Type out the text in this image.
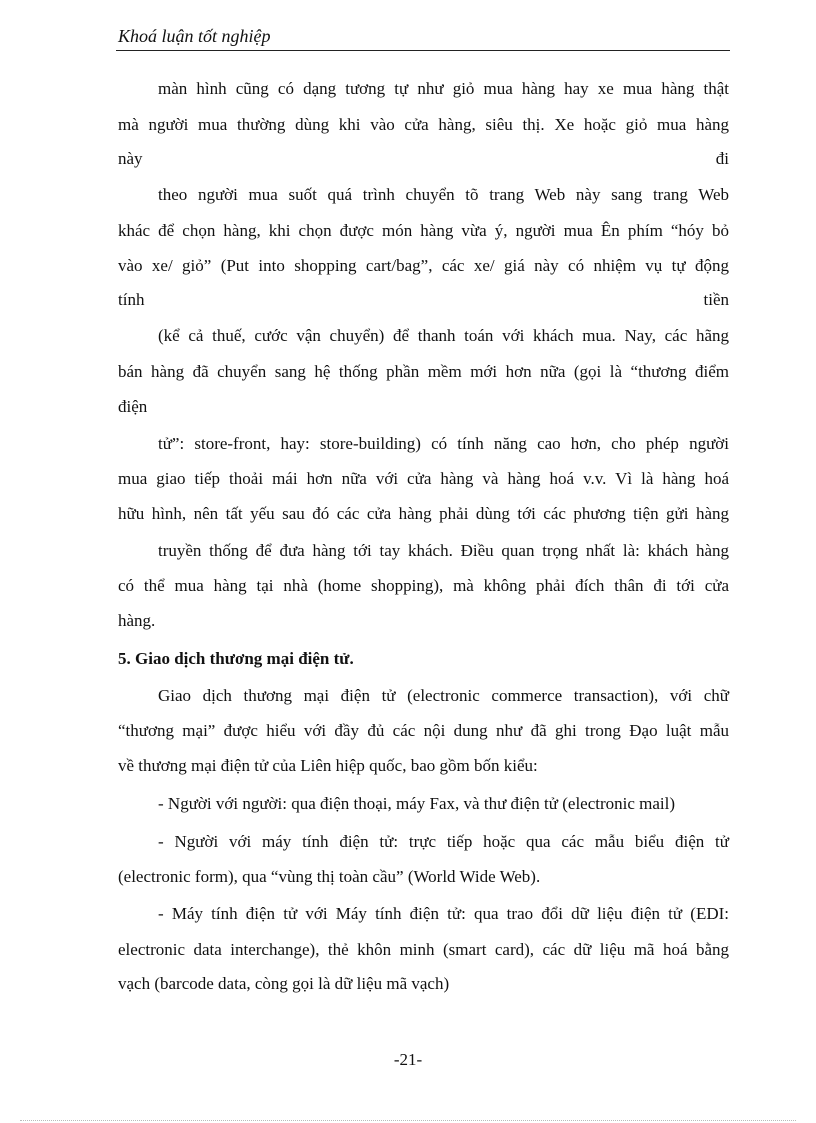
Khoá luận tốt nghiệp
màn hình cũng có dạng tương tự như giỏ mua hàng hay xe mua hàng thật
mà người mua thường dùng khi vào cửa hàng, siêu thị. Xe hoặc giỏ mua hàng
này	đi
theo người mua suốt quá trình chuyển tõ trang Web này sang trang Web
khác để chọn hàng, khi chọn được món hàng vừa ý, người mua Ên phím “hóy bỏ
vào xe/ giỏ” (Put into shopping cart/bag”, các xe/ giá này có nhiệm vụ tự động
tính	tiền
(kể cả thuế, cước vận chuyển) để thanh toán với khách mua. Nay, các hãng
bán hàng đã chuyển sang hệ thống phần mềm mới hơn nữa (gọi là “thương điểm
điện
tử”: store-front, hay: store-building) có tính năng cao hơn, cho phép người
mua giao tiếp thoải mái hơn nữa với cửa hàng và hàng hoá v.v. Vì là hàng hoá
hữu hình, nên tất yếu sau đó các cửa hàng phải dùng tới các phương tiện gửi hàng
truyền thống để đưa hàng tới tay khách. Điều quan trọng nhất là: khách hàng
có thể mua hàng tại nhà (home shopping), mà không phải đích thân đi tới cửa
hàng.
5. Giao dịch thương mại điện tử.
Giao dịch thương mại điện tử (electronic commerce transaction), với chữ
“thương mại” được hiểu với đầy đủ các nội dung như đã ghi trong Đạo luật mẫu
về thương mại điện tử của Liên hiệp quốc, bao gồm bốn kiểu:
- Người với người: qua điện thoại, máy Fax, và thư điện tử (electronic mail)
- Người với máy tính điện tử: trực tiếp hoặc qua các mẫu biểu điện tử
(electronic form), qua “vùng thị toàn cầu” (World Wide Web).
- Máy tính điện tử với Máy tính điện tử: qua trao đổi dữ liệu điện tử (EDI:
electronic data interchange), thẻ khôn minh (smart card), các dữ liệu mã hoá bằng
vạch (barcode data, còng gọi là dữ liệu mã vạch)
-21-
